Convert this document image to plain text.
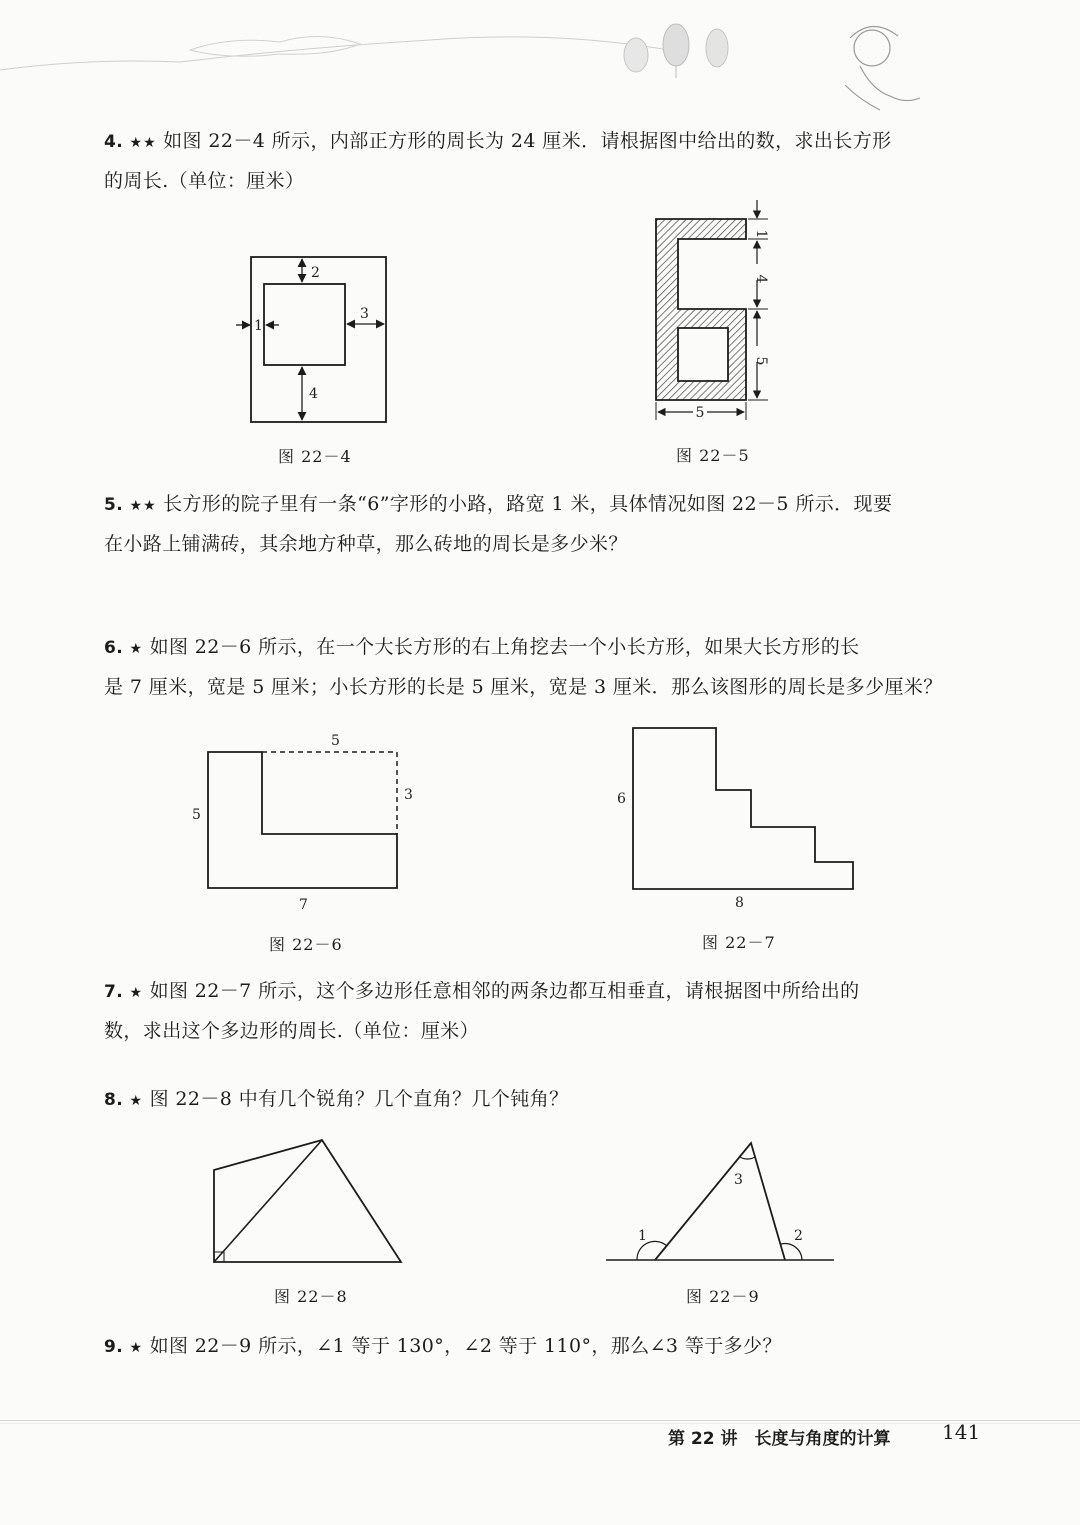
4. ★★ 如图 22－4 所示，内部正方形的周长为 24 厘米．请根据图中给出的数，求出长方形
的周长.（单位：厘米）

2
1
3
4
图 22－4
1
4
5
5
图 22－5

5. ★★ 长方形的院子里有一条“6”字形的小路，路宽 1 米，具体情况如图 22－5 所示．现要
在小路上铺满砖，其余地方种草，那么砖地的周长是多少米？

6. ★ 如图 22－6 所示，在一个大长方形的右上角挖去一个小长方形，如果大长方形的长
是 7 厘米，宽是 5 厘米；小长方形的长是 5 厘米，宽是 3 厘米．那么该图形的周长是多少厘米？

5
3
5
7
图 22－6
6
8
图 22－7

7. ★ 如图 22－7 所示，这个多边形任意相邻的两条边都互相垂直，请根据图中所给出的
数，求出这个多边形的周长.（单位：厘米）

8. ★ 图 22－8 中有几个锐角？几个直角？几个钝角？

图 22－8
1	2
3
图 22－9

9. ★ 如图 22－9 所示，∠1 等于 130°，∠2 等于 110°，那么∠3 等于多少？

第 22 讲　长度与角度的计算	141
